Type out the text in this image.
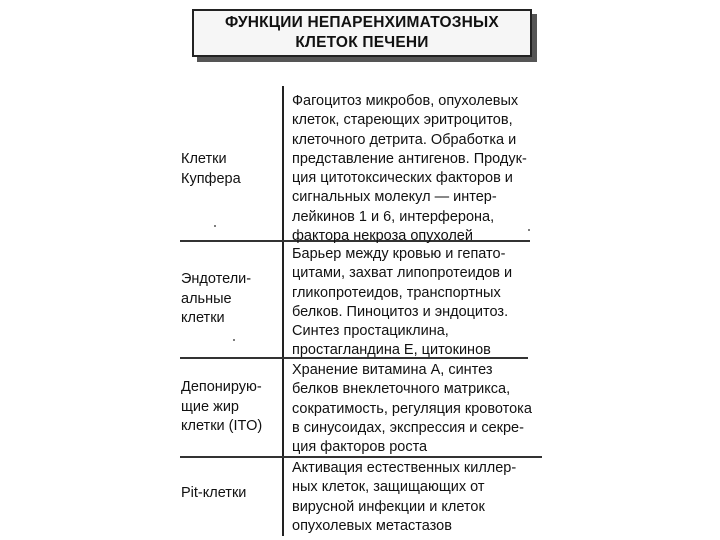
ФУНКЦИИ НЕПАРЕНХИМАТОЗНЫХ
КЛЕТОК ПЕЧЕНИ
Клетки
Купфера
Фагоцитоз микробов, опухолевых
клеток, стареющих эритроцитов,
клеточного детрита. Обработка и
представление антигенов. Продук-
ция цитотоксических факторов и
сигнальных молекул — интер-
лейкинов 1 и 6, интерферона,
фактора некроза опухолей
Эндотели-
альные
клетки
Барьер между кровью и гепато-
цитами, захват липопротеидов и
гликопротеидов, транспортных
белков. Пиноцитоз и эндоцитоз.
Синтез простациклина,
простагландина Е, цитокинов
Депонирую-
щие жир
клетки (ITO)
Хранение витамина А, синтез
белков внеклеточного матрикса,
сократимость, регуляция кровотока
в синусоидах, экспрессия и секре-
ция факторов роста
Pit-клетки
Активация естественных киллер-
ных клеток, защищающих от
вирусной инфекции и клеток
опухолевых метастазов
